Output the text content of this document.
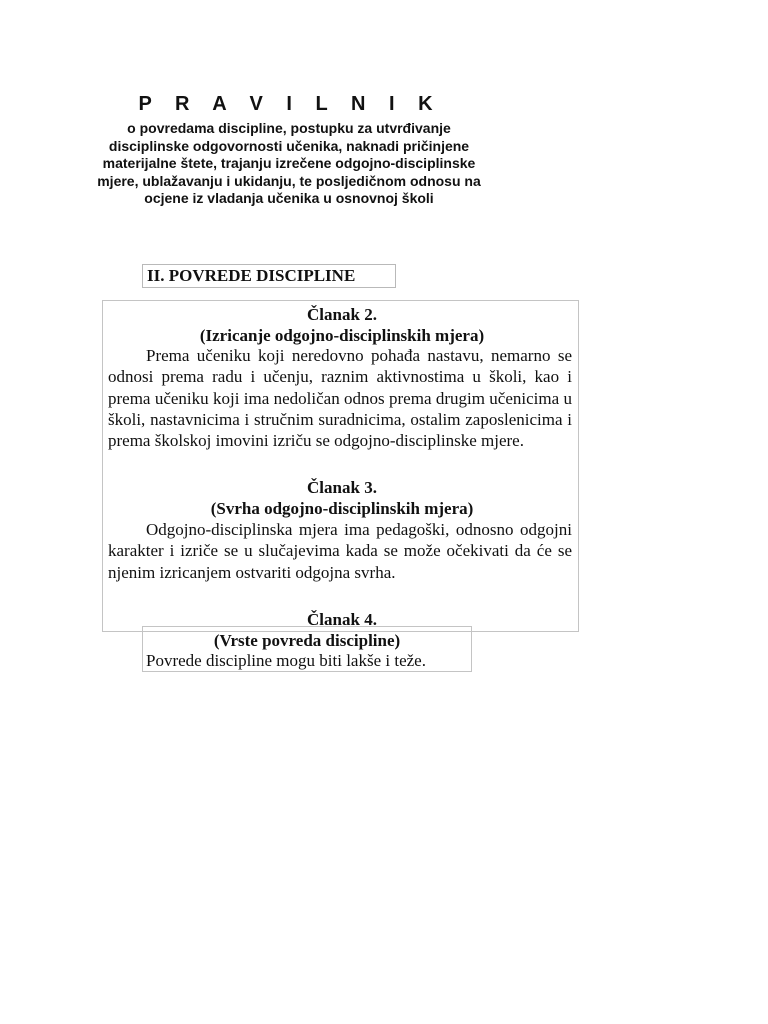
P R A V I L N I K
o povredama discipline, postupku za utvrđivanje disciplinske odgovornosti učenika, naknadi pričinjene materijalne štete, trajanju izrečene odgojno-disciplinske mjere, ublažavanju i ukidanju, te posljedičnom odnosu na ocjene iz vladanja učenika u osnovnoj školi
II. POVREDE DISCIPLINE
Članak 2.
(Izricanje odgojno-disciplinskih mjera)
Prema učeniku koji neredovno pohađa nastavu, nemarno se odnosi prema radu i učenju, raznim aktivnostima u školi, kao i prema učeniku koji ima nedoličan odnos prema drugim učenicima u školi, nastavnicima i stručnim suradnicima, ostalim zaposlenicima i prema školskoj imovini izriču se odgojno-disciplinske mjere.
Članak 3.
(Svrha odgojno-disciplinskih mjera)
Odgojno-disciplinska mjera ima pedagoški, odnosno odgojni karakter i izriče se u slučajevima kada se može očekivati da će se njenim izricanjem ostvariti odgojna svrha.
Članak 4.
(Vrste povreda discipline)
Povrede discipline mogu biti lakše i teže.
